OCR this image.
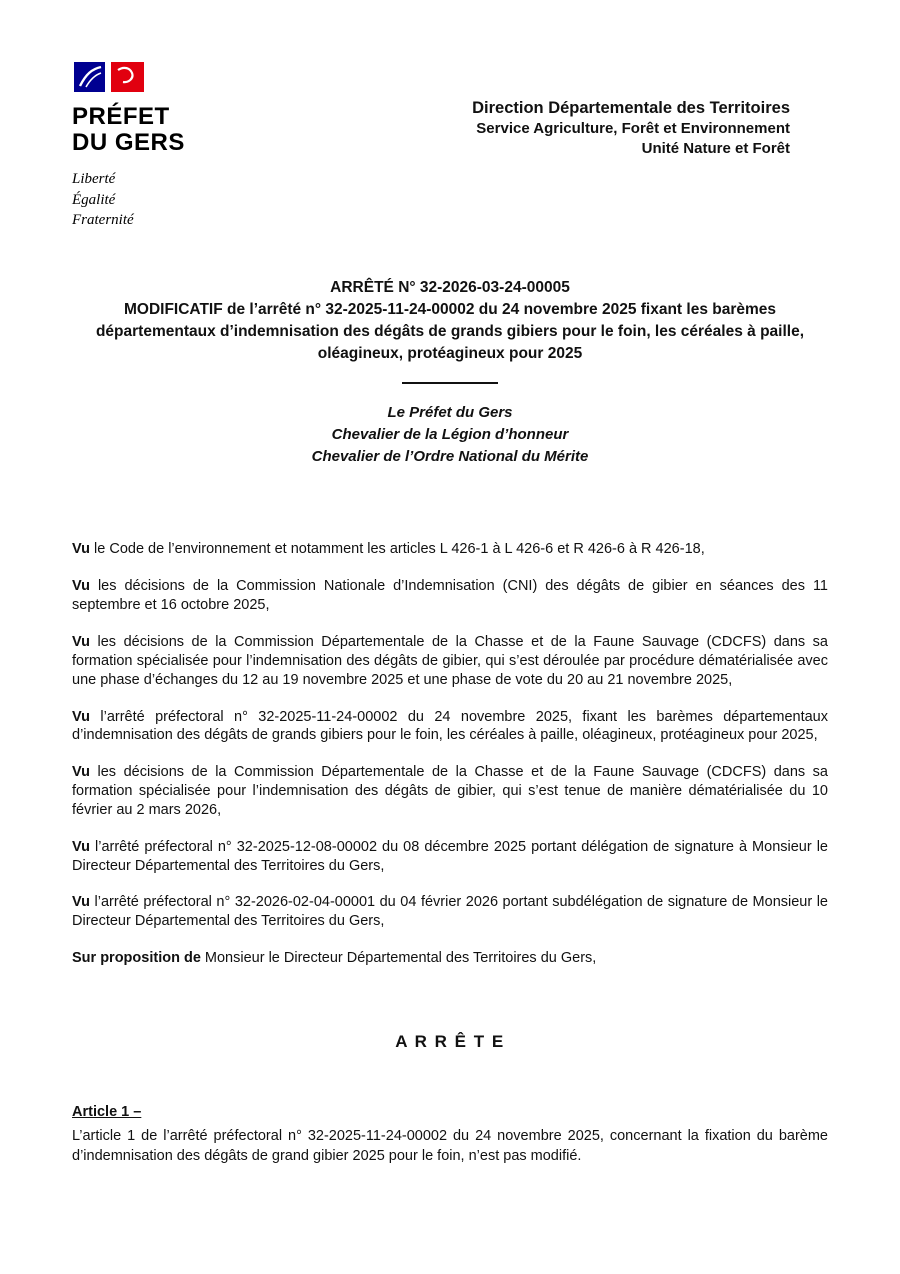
PRÉFET
DU GERS
Liberté
Égalité
Fraternité
Direction Départementale des Territoires
Service Agriculture, Forêt et Environnement
Unité Nature et Forêt
ARRÊTÉ N° 32-2026-03-24-00005
MODIFICATIF de l’arrêté n° 32-2025-11-24-00002 du 24 novembre 2025 fixant les barèmes départementaux d’indemnisation des dégâts de grands gibiers pour le foin, les céréales à paille, oléagineux, protéagineux pour 2025
Le Préfet du Gers
Chevalier de la Légion d’honneur
Chevalier de l’Ordre National du Mérite

Vu le Code de l’environnement et notamment les articles L 426-1 à L 426-6 et R 426-6 à R 426-18,

Vu les décisions de la Commission Nationale d’Indemnisation (CNI) des dégâts de gibier en séances des 11 septembre et 16 octobre 2025,

Vu les décisions de la Commission Départementale de la Chasse et de la Faune Sauvage (CDCFS) dans sa formation spécialisée pour l’indemnisation des dégâts de gibier, qui s’est déroulée par procédure dématérialisée avec une phase d’échanges du 12 au 19 novembre 2025 et une phase de vote du 20 au 21 novembre 2025,

Vu l’arrêté préfectoral n° 32-2025-11-24-00002 du 24 novembre 2025, fixant les barèmes départementaux d’indemnisation des dégâts de grands gibiers pour le foin, les céréales à paille, oléagineux, protéagineux pour 2025,

Vu les décisions de la Commission Départementale de la Chasse et de la Faune Sauvage (CDCFS) dans sa formation spécialisée pour l’indemnisation des dégâts de gibier, qui s’est tenue de manière dématérialisée du 10 février au 2 mars 2026,

Vu l’arrêté préfectoral n° 32-2025-12-08-00002 du 08 décembre 2025 portant délégation de signature à Monsieur le Directeur Départemental des Territoires du Gers,

Vu l’arrêté préfectoral n° 32-2026-02-04-00001 du 04 février 2026 portant subdélégation de signature de Monsieur le Directeur Départemental des Territoires du Gers,

Sur proposition de Monsieur le Directeur Départemental des Territoires du Gers,

A R R Ê T E
Article 1 –

L’article 1 de l’arrêté préfectoral n° 32-2025-11-24-00002 du 24 novembre 2025, concernant la fixation du barème d’indemnisation des dégâts de grand gibier 2025 pour le foin, n’est pas modifié.
